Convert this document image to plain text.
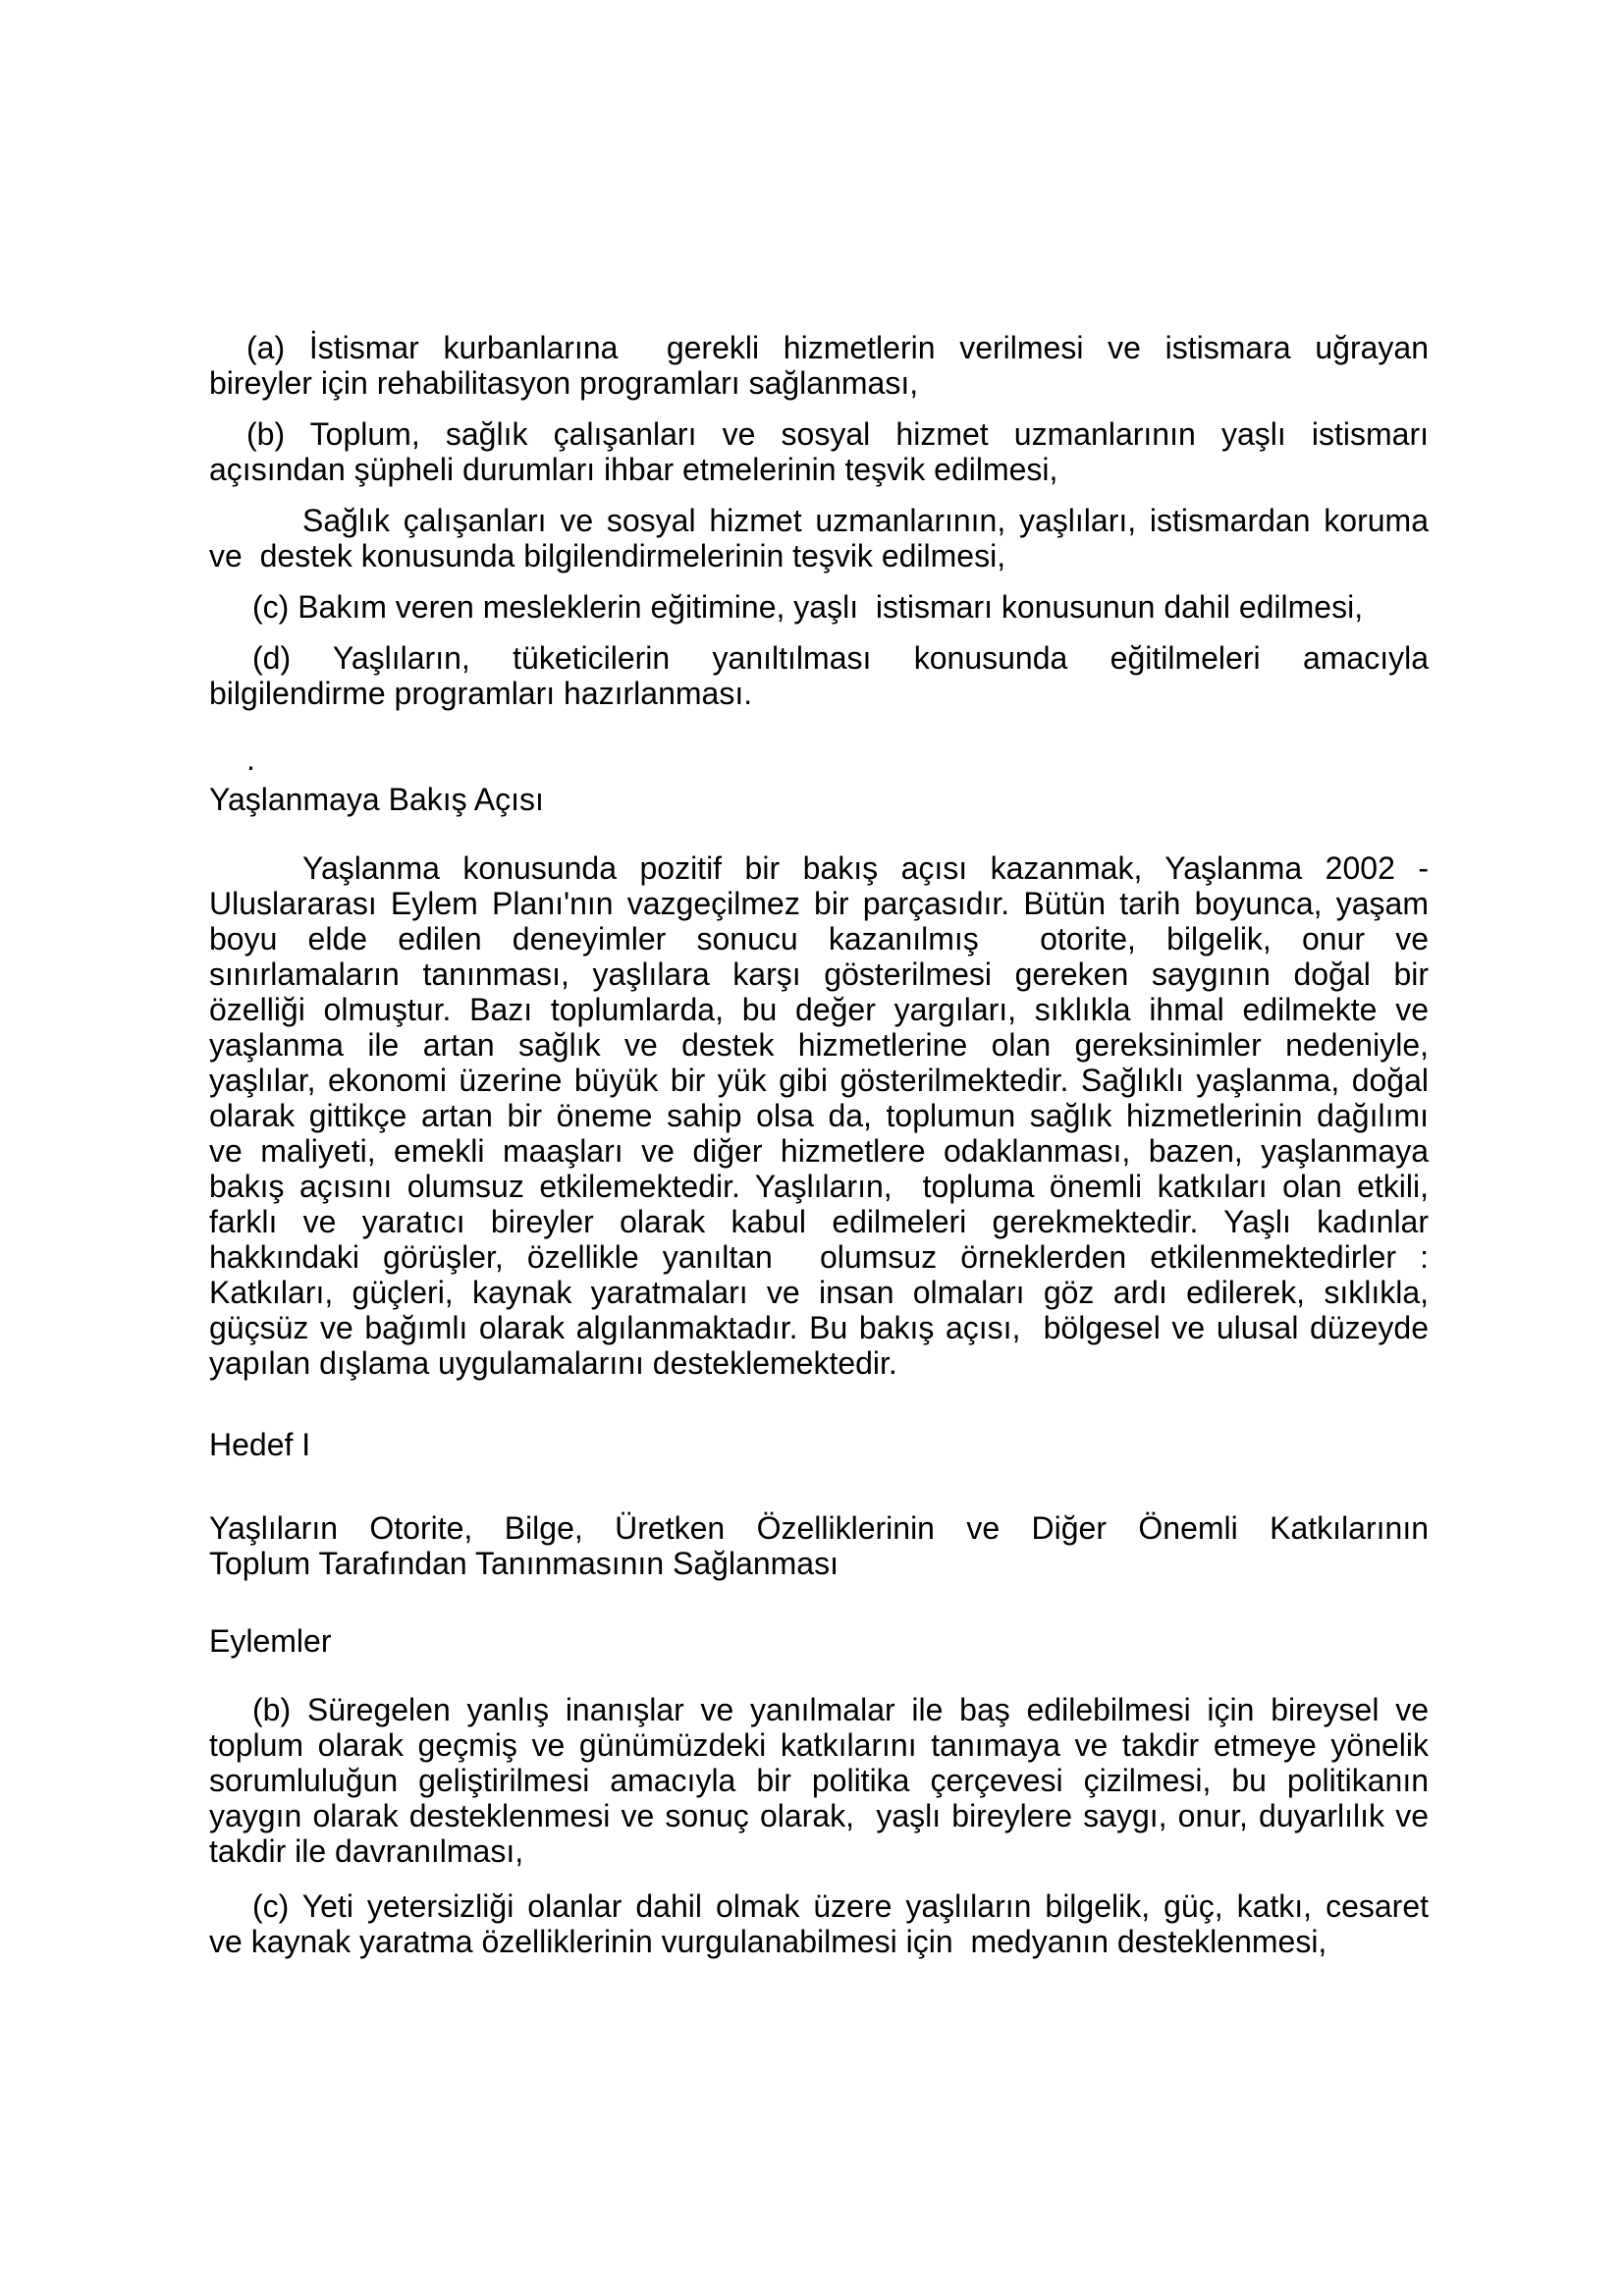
(a) İstismar kurbanlarına  gerekli hizmetlerin verilmesi ve istismara uğrayan
bireyler için rehabilitasyon programları sağlanması,
(b) Toplum, sağlık çalışanları ve sosyal hizmet uzmanlarının yaşlı istismarı
açısından şüpheli durumları ihbar etmelerinin teşvik edilmesi,
Sağlık çalışanları ve sosyal hizmet uzmanlarının, yaşlıları, istismardan koruma
ve  destek konusunda bilgilendirmelerinin teşvik edilmesi,
(c) Bakım veren mesleklerin eğitimine, yaşlı  istismarı konusunun dahil edilmesi,
(d) Yaşlıların, tüketicilerin yanıltılması konusunda eğitilmeleri amacıyla
bilgilendirme programları hazırlanması.
.
Yaşlanmaya Bakış Açısı
Yaşlanma konusunda pozitif bir bakış açısı kazanmak, Yaşlanma 2002 -
Uluslararası Eylem Planı'nın vazgeçilmez bir parçasıdır. Bütün tarih boyunca, yaşam
boyu elde edilen deneyimler sonucu kazanılmış  otorite, bilgelik, onur ve
sınırlamaların tanınması, yaşlılara karşı gösterilmesi gereken saygının doğal bir
özelliği olmuştur. Bazı toplumlarda, bu değer yargıları, sıklıkla ihmal edilmekte ve
yaşlanma ile artan sağlık ve destek hizmetlerine olan gereksinimler nedeniyle,
yaşlılar, ekonomi üzerine büyük bir yük gibi gösterilmektedir. Sağlıklı yaşlanma, doğal
olarak gittikçe artan bir öneme sahip olsa da, toplumun sağlık hizmetlerinin dağılımı
ve maliyeti, emekli maaşları ve diğer hizmetlere odaklanması, bazen, yaşlanmaya
bakış açısını olumsuz etkilemektedir. Yaşlıların,  topluma önemli katkıları olan etkili,
farklı ve yaratıcı bireyler olarak kabul edilmeleri gerekmektedir. Yaşlı kadınlar
hakkındaki görüşler, özellikle yanıltan  olumsuz örneklerden etkilenmektedirler :
Katkıları, güçleri, kaynak yaratmaları ve insan olmaları göz ardı edilerek, sıklıkla,
güçsüz ve bağımlı olarak algılanmaktadır. Bu bakış açısı,  bölgesel ve ulusal düzeyde
yapılan dışlama uygulamalarını desteklemektedir.
Hedef I
Yaşlıların Otorite, Bilge, Üretken Özelliklerinin ve Diğer Önemli Katkılarının
Toplum Tarafından Tanınmasının Sağlanması
Eylemler
(b) Süregelen yanlış inanışlar ve yanılmalar ile baş edilebilmesi için bireysel ve
toplum olarak geçmiş ve günümüzdeki katkılarını tanımaya ve takdir etmeye yönelik
sorumluluğun geliştirilmesi amacıyla bir politika çerçevesi çizilmesi, bu politikanın
yaygın olarak desteklenmesi ve sonuç olarak,  yaşlı bireylere saygı, onur, duyarlılık ve
takdir ile davranılması,
(c) Yeti yetersizliği olanlar dahil olmak üzere yaşlıların bilgelik, güç, katkı, cesaret
ve kaynak yaratma özelliklerinin vurgulanabilmesi için  medyanın desteklenmesi,
